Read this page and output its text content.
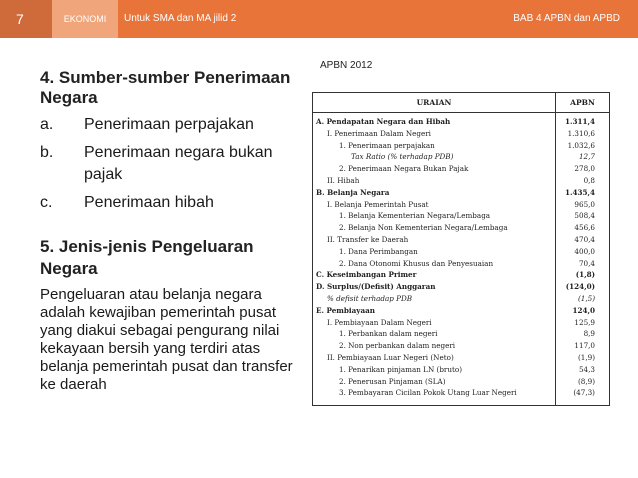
7	EKONOMI	Untuk SMA dan MA jilid 2	BAB 4 APBN dan APBD
4. Sumber-sumber Penerimaan Negara
a. Penerimaan perpajakan
b. Penerimaan negara bukan pajak
c. Penerimaan hibah
5. Jenis-jenis Pengeluaran Negara
Pengeluaran atau belanja negara adalah kewajiban pemerintah pusat yang diakui sebagai pengurang nilai kekayaan bersih yang terdiri atas belanja pemerintah pusat dan transfer ke daerah
APBN 2012
URAIAN	APBN
A. Pendapatan Negara dan Hibah	1.311,4
I. Penerimaan Dalam Negeri	1.310,6
1. Penerimaan perpajakan	1.032,6
Tax Ratio (% terhadap PDB)	12,7
2. Penerimaan Negara Bukan Pajak	278,0
II. Hibah	0,8
B. Belanja Negara	1.435,4
I. Belanja Pemerintah Pusat	965,0
1. Belanja Kementerian Negara/Lembaga	508,4
2. Belanja Non Kementerian Negara/Lembaga	456,6
II. Transfer ke Daerah	470,4
1. Dana Perimbangan	400,0
2. Dana Otonomi Khusus dan Penyesuaian	70,4
C. Keseimbangan Primer	(1,8)
D. Surplus/(Defisit) Anggaran	(124,0)
% defisit terhadap PDB	(1,5)
E. Pembiayaan	124,0
I. Pembiayaan Dalam Negeri	125,9
1. Perbankan dalam negeri	8,9
2. Non perbankan dalam negeri	117,0
II. Pembiayaan Luar Negeri (Neto)	(1,9)
1. Penarikan pinjaman LN (bruto)	54,3
2. Penerusan Pinjaman (SLA)	(8,9)
3. Pembayaran Cicilan Pokok Utang Luar Negeri	(47,3)
